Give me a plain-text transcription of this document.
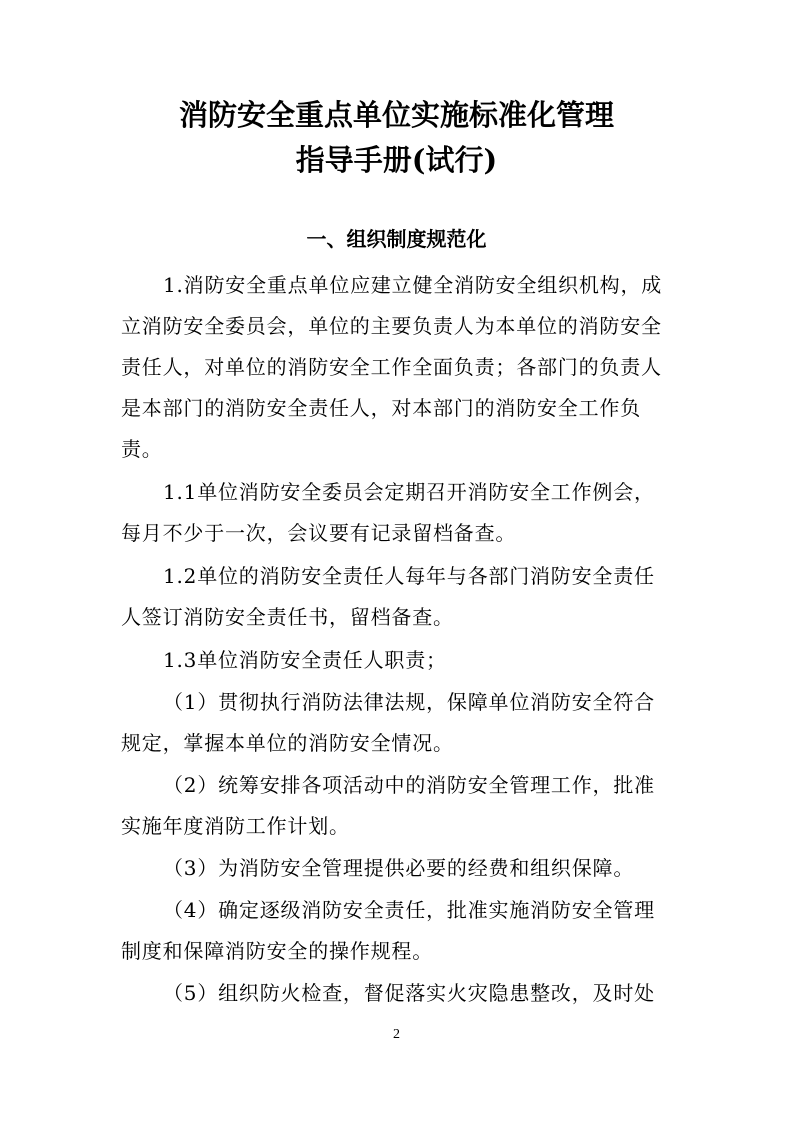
消防安全重点单位实施标准化管理
指导手册(试行)
一、组织制度规范化
1.消防安全重点单位应建立健全消防安全组织机构，成
立消防安全委员会，单位的主要负责人为本单位的消防安全
责任人，对单位的消防安全工作全面负责；各部门的负责人
是本部门的消防安全责任人，对本部门的消防安全工作负
责。
1.1单位消防安全委员会定期召开消防安全工作例会，
每月不少于一次，会议要有记录留档备查。
1.2单位的消防安全责任人每年与各部门消防安全责任
人签订消防安全责任书，留档备查。
1.3单位消防安全责任人职责；
（1）贯彻执行消防法律法规，保障单位消防安全符合
规定，掌握本单位的消防安全情况。
（2）统筹安排各项活动中的消防安全管理工作，批准
实施年度消防工作计划。
（3）为消防安全管理提供必要的经费和组织保障。
（4）确定逐级消防安全责任，批准实施消防安全管理
制度和保障消防安全的操作规程。
（5）组织防火检查，督促落实火灾隐患整改，及时处
2
